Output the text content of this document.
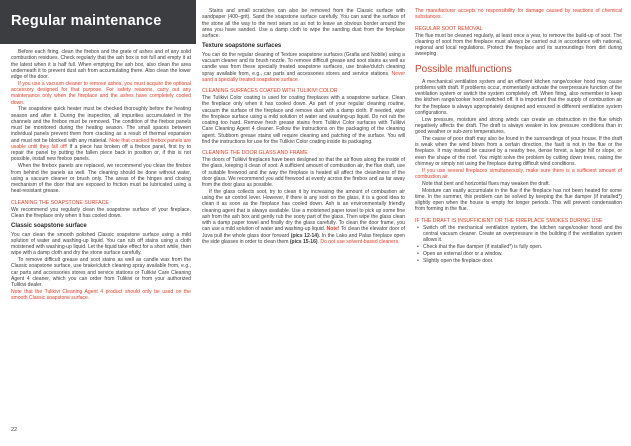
Regular maintenance

Before each firing, clean the firebox and the grate of ashes and of any solid combustion residues. Check regularly that the ash box is not full and empty it at the latest when it is half full. When emptying the ash box, also clean the area underneath it to prevent dust ash from accumulating there. Also clean the lower edge of the door.

If you use a vacuum cleaner to remove ashes, you must acquire the optional accessory designed for that purpose. For safety reasons, carry out any maintenance only when the fireplace and the ashes have completely cooled down.

The soapstone quick heater must be checked thoroughly before the heating season and after it. During the inspection, all impurities accumulated in the channels and the firebox must be removed. The condition of the firebox panels must be monitored during the heating season. The small spaces between individual panels prevent them from cracking as a result of thermal expansion and must not be blocked with any material. Note that cracked firebox panels are usable until they fall off! If a piece has broken off a firebox panel, first try to repair the panel by putting the fallen piece back in position or, if this is not possible, install new firebox panels.

When the firebox panels are replaced, we recommend you clean the firebox from behind the panels as well. The cleaning should be done without water, using a vacuum cleaner or brush only. The areas of the hinges and closing mechanism of the door that are exposed to friction must be lubricated using a heat-resistant grease.

CLEANING THE SOAPSTONE SURFACE

We recommend you regularly clean the soapstone surface of your fireplace. Clean the fireplace only when it has cooled down.

Classic soapstone surface

You can clean the smooth polished Classic soapstone surface using a mild solution of water and washing-up liquid. You can rub off stains using a cloth moistened with washing-up liquid. Let the liquid take effect for a short while, then wipe with a damp cloth and dry the stone surface carefully.

To remove difficult grease and soot stains as well as candle wax from the Classic soapstone surface, use brake/clutch cleaning spray available from, e.g., car parts and accessories stores and service stations or Tulikivi Care Cleaning Agent 4 cleaner, which you can order from Tulikivi or from your authorized Tulikivi dealer.

Note that the Tulikivi Cleaning Agent 4 product should only be used on the smooth Classic soapstone surface.

Stains and small scratches can also be removed from the Classic surface with sandpaper (400–grit). Sand the soapstone surface carefully. You can sand the surface of the stone all the way to the next seam so as not to leave an obvious border around the area you have sanded. Use a damp cloth to wipe the sanding dust from the fireplace surface.

Texture soapstone surfaces

You can do the regular cleaning of Texture soapstone surfaces (Grafia and Nobile) using a vacuum cleaner and its brush nozzle. To remove difficult grease and soot stains as well as candle wax from these specially treated soapstone surfaces, use brake/clutch cleaning spray available from, e.g., car parts and accessories stores and service stations. Never sand a specially treated soapstone surface.

CLEANING SURFACES COATED WITH TULIKIVI COLOR

The Tulikivi Color coating is used for coating fireplaces with a soapstone surface. Clean the fireplace only when it has cooled down. As part of your regular cleaning routine, vacuum the surface of the fireplace and remove dust with a damp cloth. If needed, wipe the fireplace surface using a mild solution of water and washing-up liquid. Do not rub the coating too hard. Remove fresh grease stains from Tulikivi Color surfaces with Tulikivi Care Cleaning Agent 4 cleaner. Follow the instructions on the packaging of the cleaning agent. Stubborn grease stains will require cleaning and patching of the surface. You will find the instructions for use for the Tulikivi Color coating inside its packaging.

CLEANING THE DOOR GLASS AND FRAME

The doors of Tulikivi fireplaces have been designed so that the air flows along the inside of the glass, keeping it clean of soot. A sufficient amount of combustion air, the flue draft, use of suitable firewood and the way the fireplace is heated all affect the cleanliness of the door glass. We recommend you add firewood at evenly across the firebox and as far away from the door glass as possible.

If the glass collects soot, try to clean it by increasing the amount of combustion air using the air control lever. However, if there is any soot on the glass, it is a good idea to clean it as soon as the fireplace has cooled down. Ash is an environmentally friendly cleaning agent that is always available. Use a moistened paper towel to pick up some fine ash from the ash box and gently rub the sooty part of the glass. Then wipe the glass clean with a damp paper towel and finally dry the glass carefully. To clean the door frame, you can use a mild solution of water and washing-up liquid. Note! To clean the elevator door of Juva pull the whole glass door forward (pics 12-14). In the Lako and Palas fireplace open the side glasses in order to clean them (pics 15-16). Do not use solvent-based cleaners.

The manufacturer accepts no responsibility for damage caused by reactions of chemical substances.

REGULAR SOOT REMOVAL

The flue must be cleaned regularly, at least once a year, to remove the build-up of soot. The cleaning of soot from the fireplace must always be carried out in accordance with national, regional and local regulations. Protect the fireplace and its surroundings from dirt during sweeping.

Possible malfunctions

A mechanical ventilation system and an efficient kitchen range/cooker hood may cause problems with draft. If problems occur, momentarily activate the overpressure function of the ventilation system or switch the system completely off. When firing, also remember to keep the kitchen range/cooker hood switched off. It is important that the supply of combustion air for the fireplace is always appropriately designed and ensured in different ventilation system configurations.

Low pressure, moisture and strong winds can create an obstruction in the flue which negatively affects the draft. The draft is always weaker in low pressure conditions than in good weather or sub-zero temperatures.

The cause of poor draft may also be found in the surroundings of your house. If the draft is weak when the wind blows from a certain direction, the fault is not in the flue or the fireplace. It may instead be caused by a nearby tree, dense forest, a large hill or slope, or even the shape of the roof. You might solve the problem by cutting down trees, raising the chimney or simply not using the fireplace during difficult wind conditions.

If you use several fireplaces simultaneously, make sure there is a sufficient amount of combustion air.

Note that bent and horizontal flues may weaken the draft.

Moisture can easily accumulate in the flue if the fireplace has not been heated for some time. In the summer, this problem can be solved by keeping the flue damper (if installed*) slightly open when the house is empty for longer periods. This will prevent condensation from forming in the flue.

IF THE DRAFT IS INSUFFICIENT OR THE FIREPLACE SMOKES DURING USE
• Switch off the mechanical ventilation system, the kitchen range/cooker hood and the central vacuum cleaner. Create an overpressure in the building if the ventilation system allows it.
• Check that the flue damper (if installed*) is fully open.
• Open an external door or a window.
• Slightly open the fireplace door.
22
